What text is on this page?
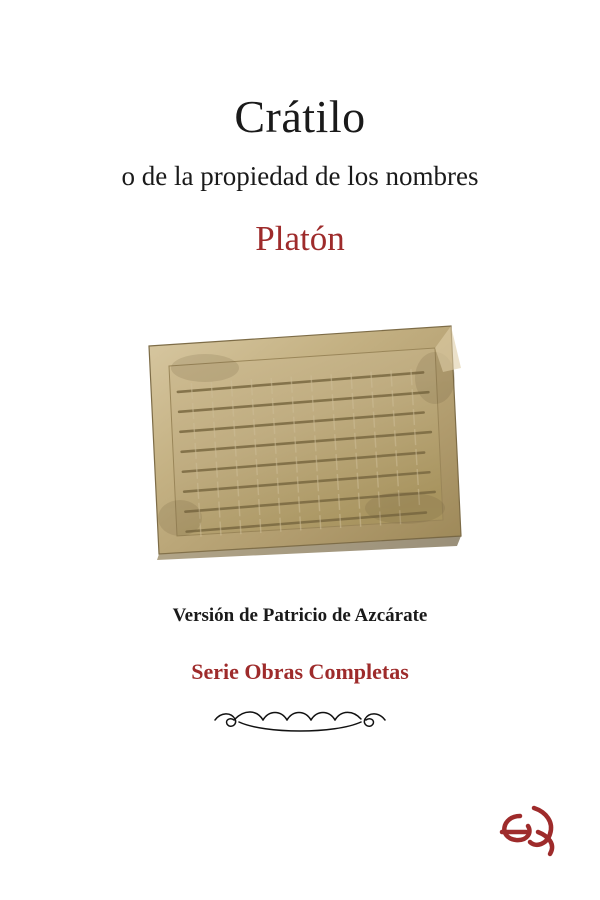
Crátilo
o de la propiedad de los nombres
Platón
Versión de Patricio de Azcárate
Serie Obras Completas
